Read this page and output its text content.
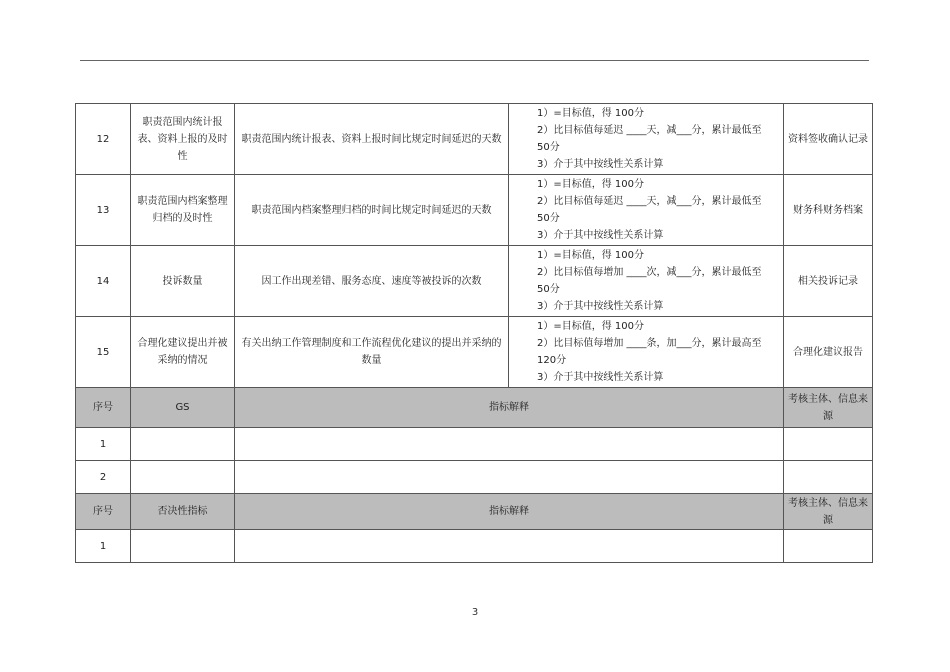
12	职责范围内统计报表、资料上报的及时性	职责范围内统计报表、资料上报时间比规定时间延迟的天数	1）=目标值，得 100分
2）比目标值每延迟 ____天，减___分，累计最低至
50分
3）介于其中按线性关系计算	资料签收确认记录
13	职责范围内档案整理归档的及时性	职责范围内档案整理归档的时间比规定时间延迟的天数	1）=目标值，得 100分
2）比目标值每延迟 ____天，减___分，累计最低至
50分
3）介于其中按线性关系计算	财务科财务档案
14	投诉数量	因工作出现差错、服务态度、速度等被投诉的次数	1）=目标值，得 100分
2）比目标值每增加 ____次，减___分，累计最低至
50分
3）介于其中按线性关系计算	相关投诉记录
15	合理化建议提出并被采纳的情况	有关出纳工作管理制度和工作流程优化建议的提出并采纳的数量	1）=目标值，得 100分
2）比目标值每增加 ____条，加___分，累计最高至
120分
3）介于其中按线性关系计算	合理化建议报告
序号	GS	指标解释		考核主体、信息来源
1				
2				
序号	否决性指标	指标解释		考核主体、信息来源
1				
3
